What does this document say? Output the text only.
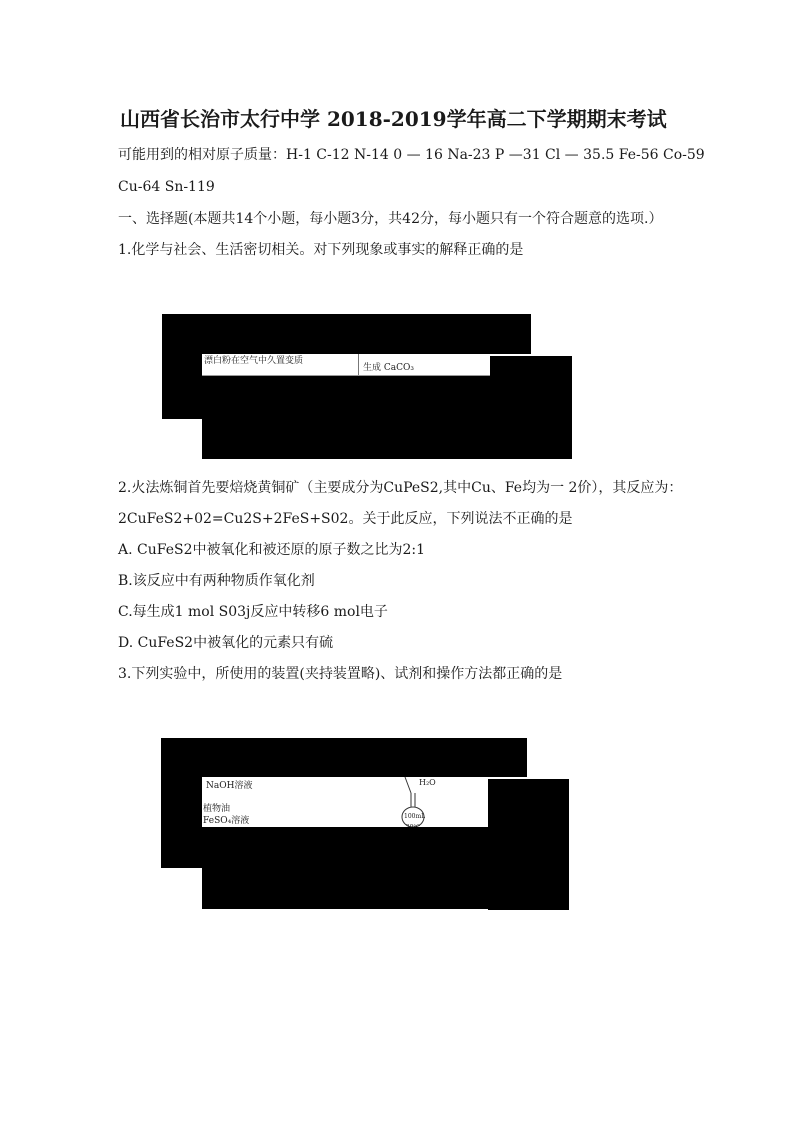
山西省长治市太行中学 2018-2019学年高二下学期期末考试
可能用到的相对原子质量：H-1 C-12 N-14 0 — 16 Na-23 P —31 Cl — 35.5 Fe-56 Co-59
Cu-64 Sn-119
一、选择题(本题共14个小题，每小题3分，共42分，每小题只有一个符合题意的选项.）
1.化学与社会、生活密切相关。对下列现象或事实的解释正确的是
漂白粉在空气中久置变质
生成 CaCO₃
2.火法炼铜首先要焙烧黄铜矿（主要成分为CuPeS2,其中Cu、Fe均为一 2价），其反应为：
2CuFeS2+02=Cu2S+2FeS+S02。关于此反应，下列说法不正确的是
A. CuFeS2中被氧化和被还原的原子数之比为2:1
B.该反应中有两种物质作氧化剂
C.每生成1 mol S03j反应中转移6 mol电子
D. CuFeS2中被氧化的元素只有硫
3.下列实验中，所使用的装置(夹持装置略)、试剂和操作方法都正确的是
NaOH溶液
植物油
FeSO₄溶液
H₂O
100mL
